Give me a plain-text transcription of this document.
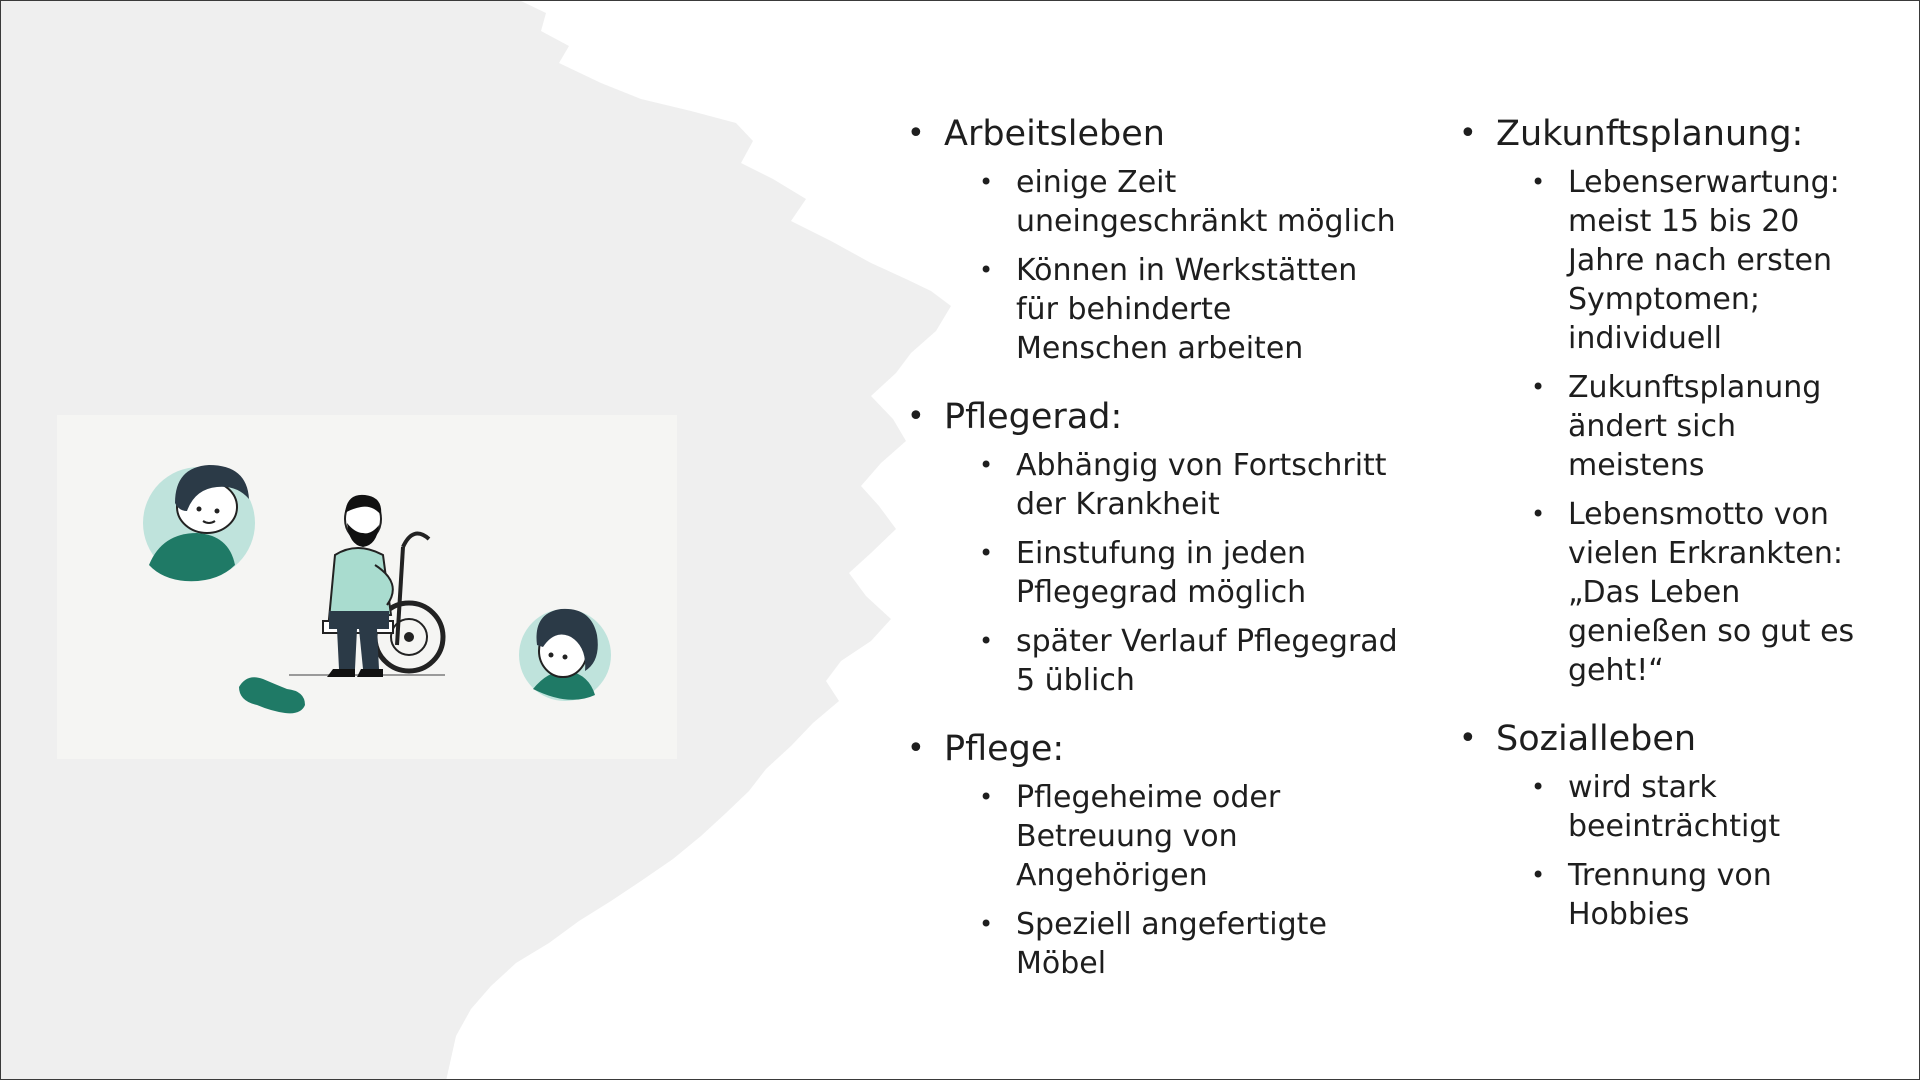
• Arbeitsleben
• einige Zeit
uneingeschränkt möglich
• Können in Werkstätten
für behinderte
Menschen arbeiten
• Pflegerad:
• Abhängig von Fortschritt
der Krankheit
• Einstufung in jeden
Pflegegrad möglich
• später Verlauf Pflegegrad
5 üblich
• Pflege:
• Pflegeheime oder
Betreuung von
Angehörigen
• Speziell angefertigte
Möbel
• Zukunftsplanung:
• Lebenserwartung:
meist 15 bis 20
Jahre nach ersten
Symptomen;
individuell
• Zukunftsplanung
ändert sich
meistens
• Lebensmotto von
vielen Erkrankten:
„Das Leben
genießen so gut es
geht!“
• Sozialleben
• wird stark
beeinträchtigt
• Trennung von
Hobbies
